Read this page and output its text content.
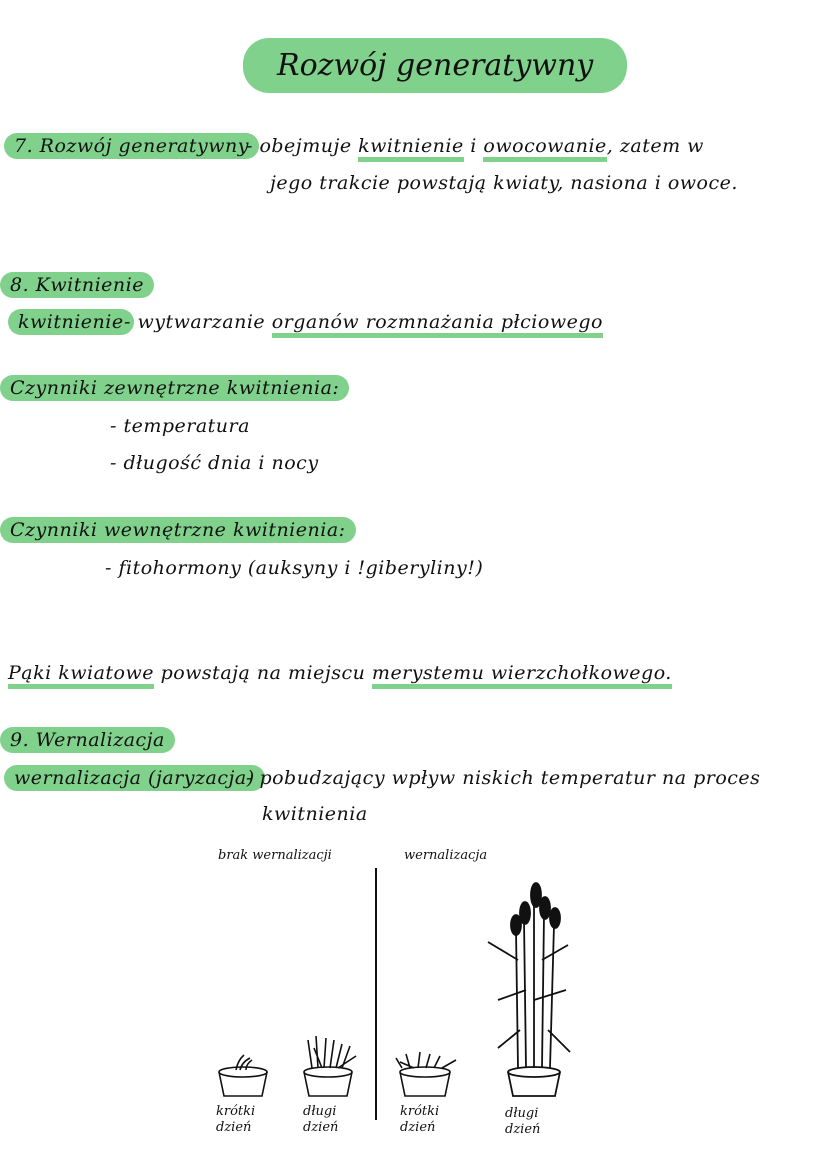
Rozwój generatywny
7. Rozwój generatywny
- obejmuje kwitnienie i owocowanie, zatem w
jego trakcie powstają kwiaty, nasiona i owoce.
8. Kwitnienie
kwitnienie - wytwarzanie organów rozmnażania płciowego
Czynniki zewnętrzne kwitnienia:
- temperatura
- długość dnia i nocy
Czynniki wewnętrzne kwitnienia:
- fitohormony (auksyny i !giberyliny!)
Pąki kwiatowe powstają na miejscu merystemu wierzchołkowego.
9. Wernalizacja
wernalizacja (jaryzacja)
- pobudzający wpływ niskich temperatur na proces
kwitnienia
brak wernalizacji	wernalizacja
krótki
dzień
długi
dzień
krótki
dzień
długi
dzień
